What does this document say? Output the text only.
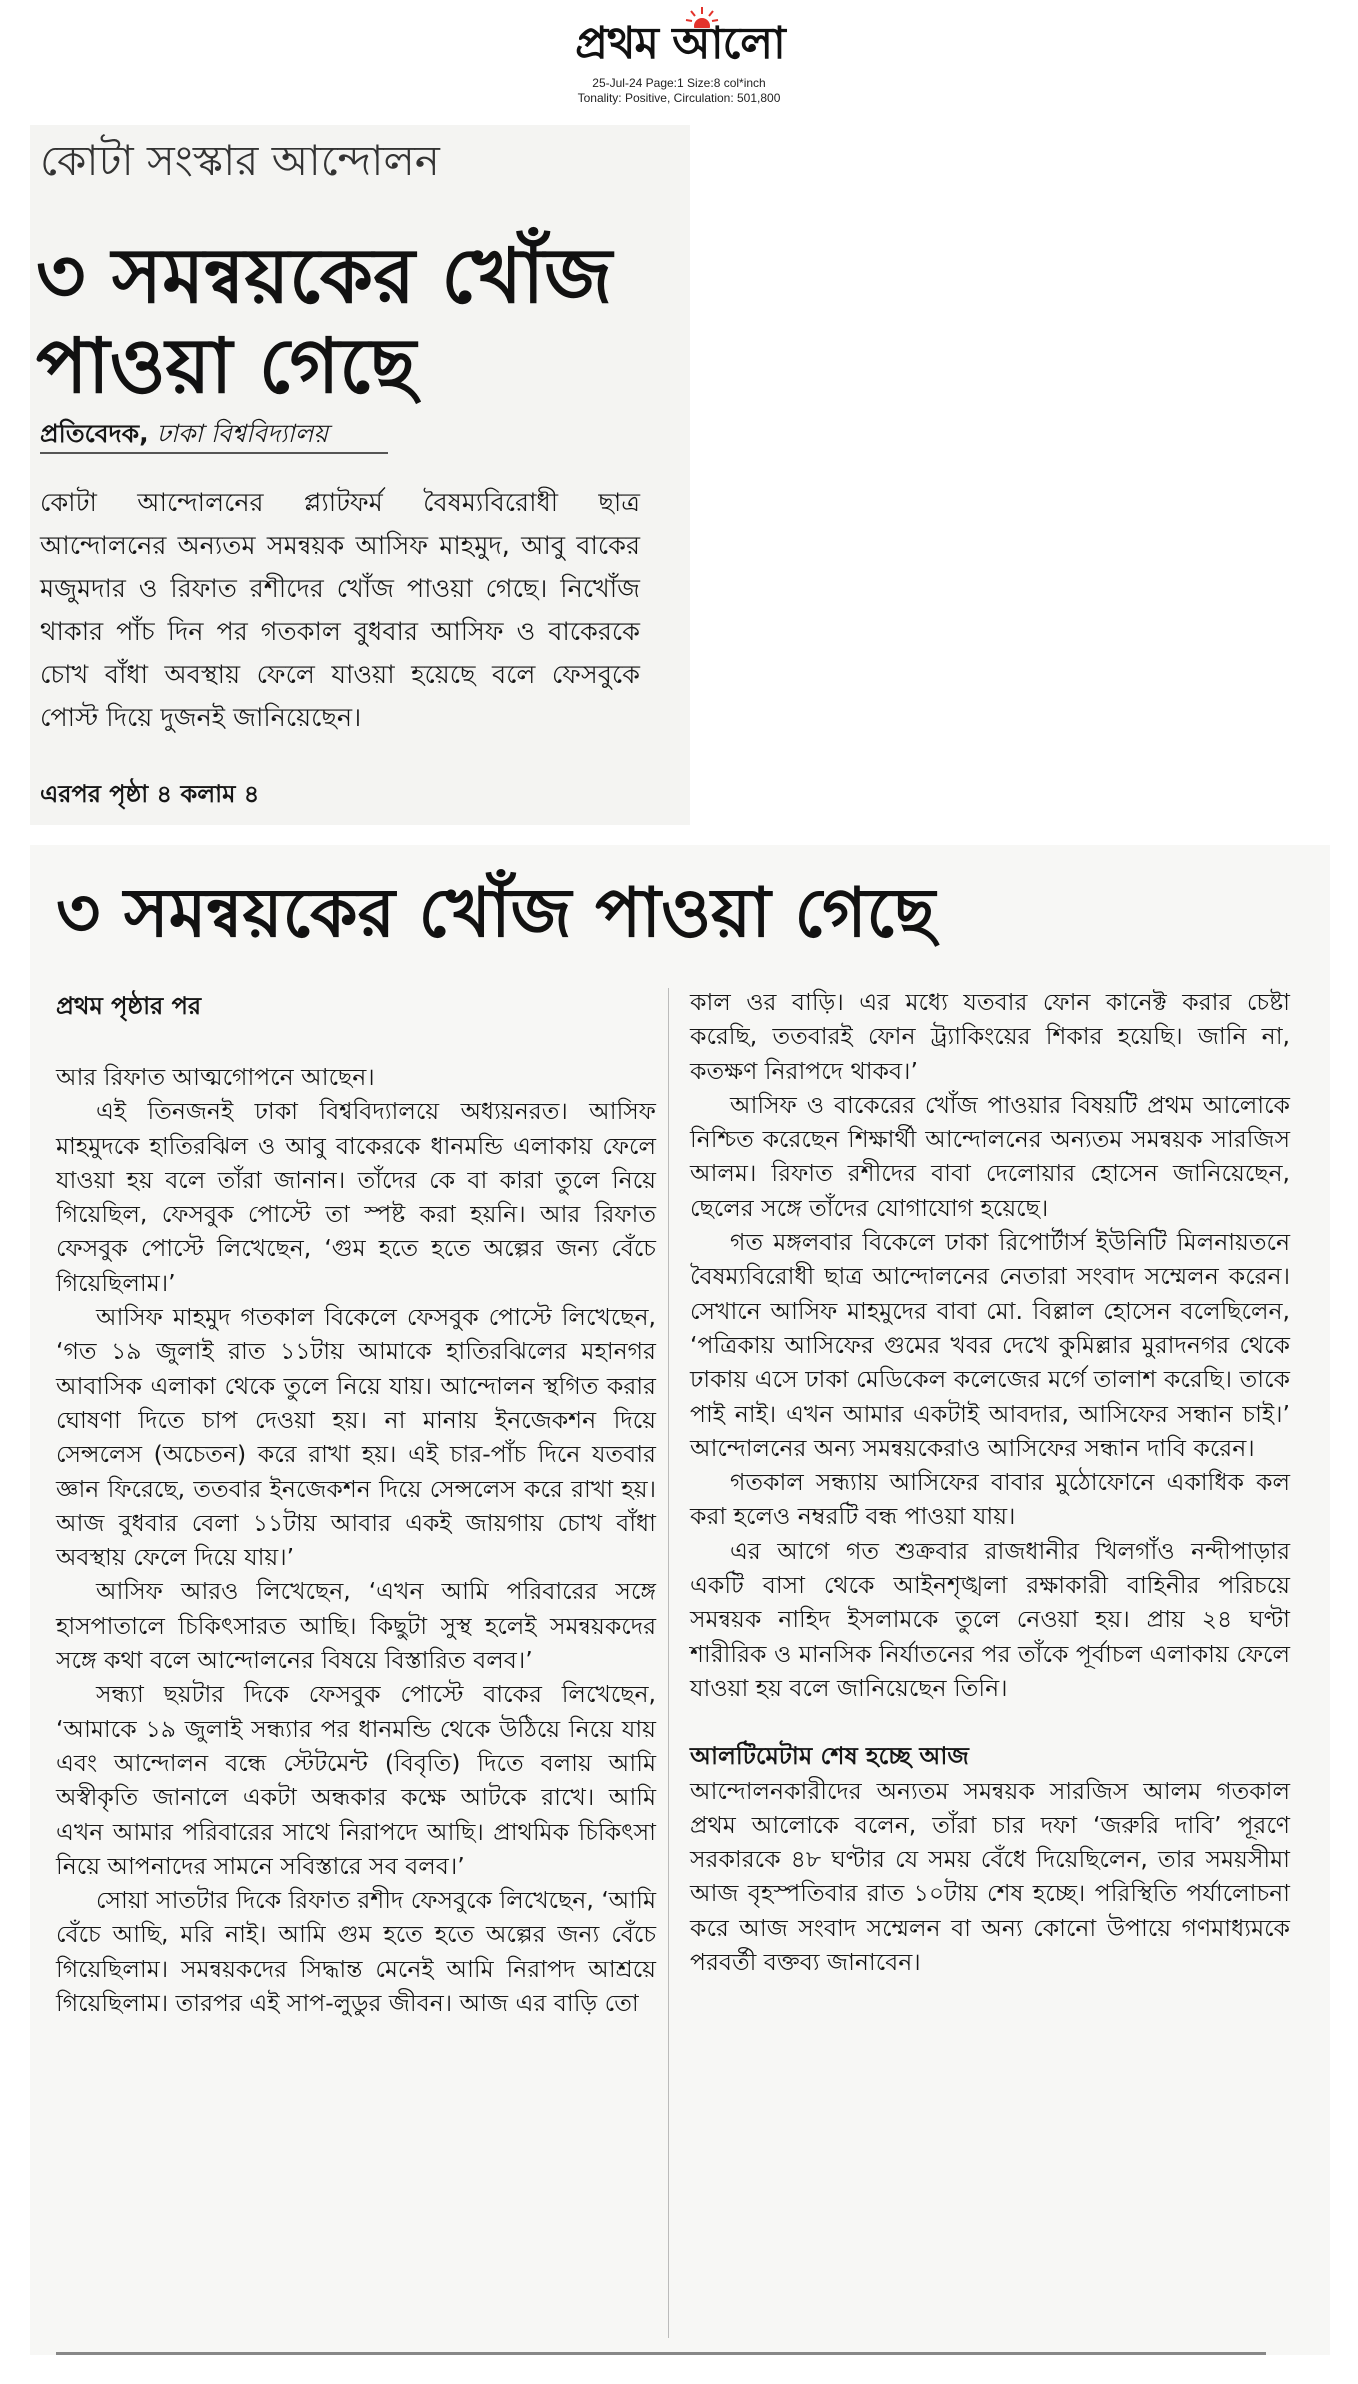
প্রথম আলো
25-Jul-24 Page:1 Size:8 col*inch
Tonality: Positive, Circulation: 501,800
কোটা সংস্কার আন্দোলন
৩ সমন্বয়কের খোঁজ
পাওয়া গেছে
প্রতিবেদক, ঢাকা বিশ্ববিদ্যালয়
কোটা আন্দোলনের প্ল্যাটফর্ম বৈষম্যবিরোধী ছাত্র আন্দোলনের অন্যতম সমন্বয়ক আসিফ মাহমুদ, আবু বাকের মজুমদার ও রিফাত রশীদের খোঁজ পাওয়া গেছে। নিখোঁজ থাকার পাঁচ দিন পর গতকাল বুধবার আসিফ ও বাকেরকে চোখ বাঁধা অবস্থায় ফেলে যাওয়া হয়েছে বলে ফেসবুকে পোস্ট দিয়ে দুজনই জানিয়েছেন।
এরপর পৃষ্ঠা ৪ কলাম ৪
৩ সমন্বয়কের খোঁজ পাওয়া গেছে
প্রথম পৃষ্ঠার পর

আর রিফাত আত্মগোপনে আছেন।

এই তিনজনই ঢাকা বিশ্ববিদ্যালয়ে অধ্যয়নরত। আসিফ মাহমুদকে হাতিরঝিল ও আবু বাকেরকে ধানমন্ডি এলাকায় ফেলে যাওয়া হয় বলে তাঁরা জানান। তাঁদের কে বা কারা তুলে নিয়ে গিয়েছিল, ফেসবুক পোস্টে তা স্পষ্ট করা হয়নি। আর রিফাত ফেসবুক পোস্টে লিখেছেন, ‘গুম হতে হতে অল্পের জন্য বেঁচে গিয়েছিলাম।’

আসিফ মাহমুদ গতকাল বিকেলে ফেসবুক পোস্টে লিখেছেন, ‘গত ১৯ জুলাই রাত ১১টায় আমাকে হাতিরঝিলের মহানগর আবাসিক এলাকা থেকে তুলে নিয়ে যায়। আন্দোলন স্থগিত করার ঘোষণা দিতে চাপ দেওয়া হয়। না মানায় ইনজেকশন দিয়ে সেন্সলেস (অচেতন) করে রাখা হয়। এই চার-পাঁচ দিনে যতবার জ্ঞান ফিরেছে, ততবার ইনজেকশন দিয়ে সেন্সলেস করে রাখা হয়। আজ বুধবার বেলা ১১টায় আবার একই জায়গায় চোখ বাঁধা অবস্থায় ফেলে দিয়ে যায়।’

আসিফ আরও লিখেছেন, ‘এখন আমি পরিবারের সঙ্গে হাসপাতালে চিকিৎসারত আছি। কিছুটা সুস্থ হলেই সমন্বয়কদের সঙ্গে কথা বলে আন্দোলনের বিষয়ে বিস্তারিত বলব।’

সন্ধ্যা ছয়টার দিকে ফেসবুক পোস্টে বাকের লিখেছেন, ‘আমাকে ১৯ জুলাই সন্ধ্যার পর ধানমন্ডি থেকে উঠিয়ে নিয়ে যায় এবং আন্দোলন বন্ধে স্টেটমেন্ট (বিবৃতি) দিতে বলায় আমি অস্বীকৃতি জানালে একটা অন্ধকার কক্ষে আটকে রাখে। আমি এখন আমার পরিবারের সাথে নিরাপদে আছি। প্রাথমিক চিকিৎসা নিয়ে আপনাদের সামনে সবিস্তারে সব বলব।’

সোয়া সাতটার দিকে রিফাত রশীদ ফেসবুকে লিখেছেন, ‘আমি বেঁচে আছি, মরি নাই। আমি গুম হতে হতে অল্পের জন্য বেঁচে গিয়েছিলাম। সমন্বয়কদের সিদ্ধান্ত মেনেই আমি নিরাপদ আশ্রয়ে গিয়েছিলাম। তারপর এই সাপ-লুডুর জীবন। আজ এর বাড়ি তো

কাল ওর বাড়ি। এর মধ্যে যতবার ফোন কানেক্ট করার চেষ্টা করেছি, ততবারই ফোন ট্র্যাকিংয়ের শিকার হয়েছি। জানি না, কতক্ষণ নিরাপদে থাকব।’

আসিফ ও বাকেরের খোঁজ পাওয়ার বিষয়টি প্রথম আলোকে নিশ্চিত করেছেন শিক্ষার্থী আন্দোলনের অন্যতম সমন্বয়ক সারজিস আলম। রিফাত রশীদের বাবা দেলোয়ার হোসেন জানিয়েছেন, ছেলের সঙ্গে তাঁদের যোগাযোগ হয়েছে।

গত মঙ্গলবার বিকেলে ঢাকা রিপোর্টার্স ইউনিটি মিলনায়তনে বৈষম্যবিরোধী ছাত্র আন্দোলনের নেতারা সংবাদ সম্মেলন করেন। সেখানে আসিফ মাহমুদের বাবা মো. বিল্লাল হোসেন বলেছিলেন, ‘পত্রিকায় আসিফের গুমের খবর দেখে কুমিল্লার মুরাদনগর থেকে ঢাকায় এসে ঢাকা মেডিকেল কলেজের মর্গে তালাশ করেছি। তাকে পাই নাই। এখন আমার একটাই আবদার, আসিফের সন্ধান চাই।’ আন্দোলনের অন্য সমন্বয়কেরাও আসিফের সন্ধান দাবি করেন।

গতকাল সন্ধ্যায় আসিফের বাবার মুঠোফোনে একাধিক কল করা হলেও নম্বরটি বন্ধ পাওয়া যায়।

এর আগে গত শুক্রবার রাজধানীর খিলগাঁও নন্দীপাড়ার একটি বাসা থেকে আইনশৃঙ্খলা রক্ষাকারী বাহিনীর পরিচয়ে সমন্বয়ক নাহিদ ইসলামকে তুলে নেওয়া হয়। প্রায় ২৪ ঘণ্টা শারীরিক ও মানসিক নির্যাতনের পর তাঁকে পূর্বাচল এলাকায় ফেলে যাওয়া হয় বলে জানিয়েছেন তিনি।

আলটিমেটাম শেষ হচ্ছে আজ

আন্দোলনকারীদের অন্যতম সমন্বয়ক সারজিস আলম গতকাল প্রথম আলোকে বলেন, তাঁরা চার দফা ‘জরুরি দাবি’ পূরণে সরকারকে ৪৮ ঘণ্টার যে সময় বেঁধে দিয়েছিলেন, তার সময়সীমা আজ বৃহস্পতিবার রাত ১০টায় শেষ হচ্ছে। পরিস্থিতি পর্যালোচনা করে আজ সংবাদ সম্মেলন বা অন্য কোনো উপায়ে গণমাধ্যমকে পরবর্তী বক্তব্য জানাবেন।
